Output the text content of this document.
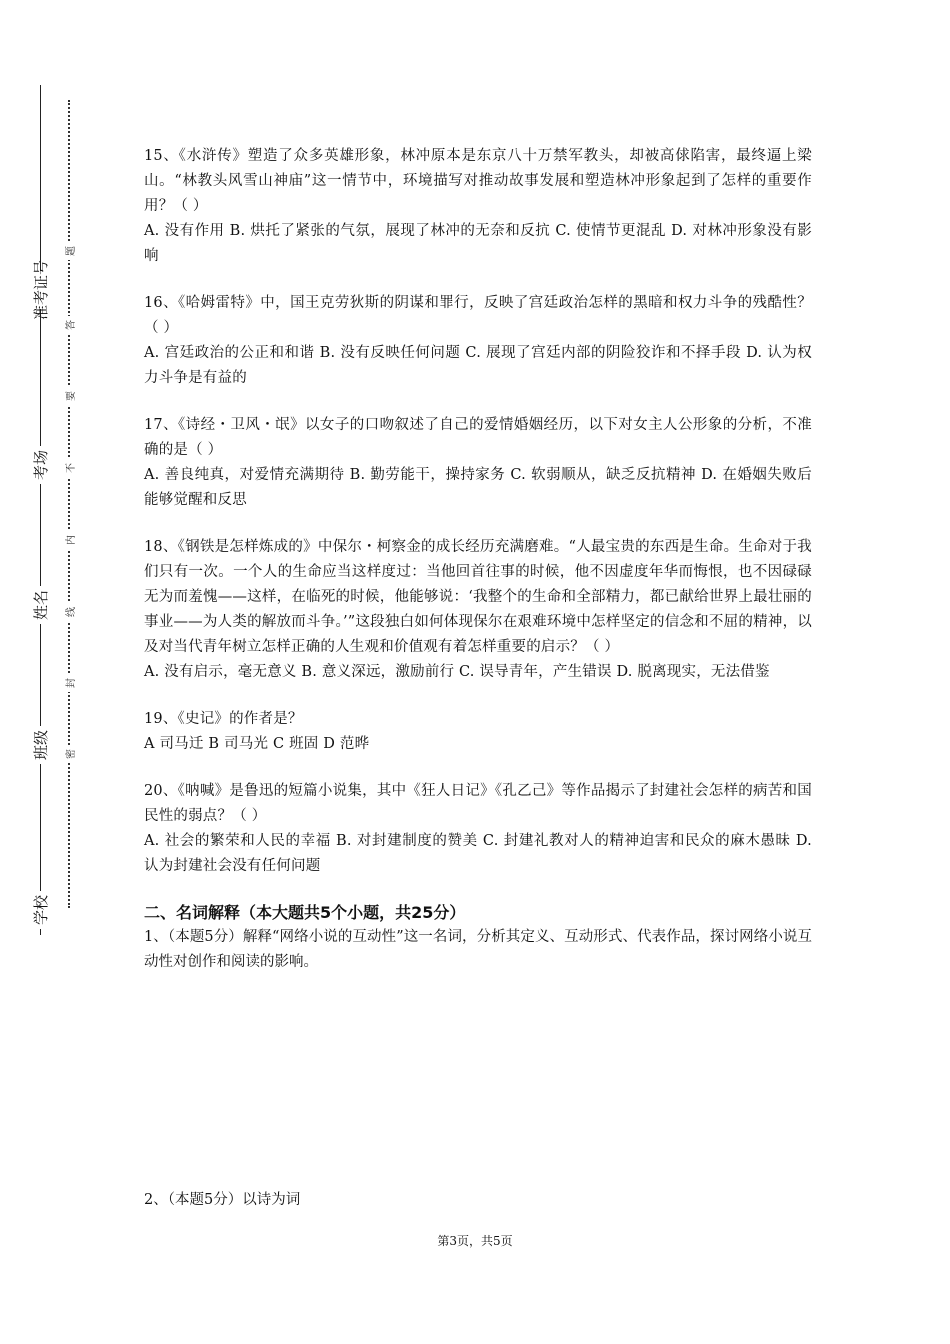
准考证号
考场
姓名
班级
学校
题
答
要
不
内
线
封
密

15、《水浒传》塑造了众多英雄形象，林冲原本是东京八十万禁军教头，却被高俅陷害，最终逼上梁山。“林教头风雪山神庙”这一情节中，环境描写对推动故事发展和塑造林冲形象起到了怎样的重要作用？（ ）

A. 没有作用 B. 烘托了紧张的气氛，展现了林冲的无奈和反抗 C. 使情节更混乱 D. 对林冲形象没有影响

16、《哈姆雷特》中，国王克劳狄斯的阴谋和罪行，反映了宫廷政治怎样的黑暗和权力斗争的残酷性？（ ）

A. 宫廷政治的公正和和谐 B. 没有反映任何问题 C. 展现了宫廷内部的阴险狡诈和不择手段 D. 认为权力斗争是有益的

17、《诗经・卫风・氓》以女子的口吻叙述了自己的爱情婚姻经历，以下对女主人公形象的分析，不准确的是（ ）

A. 善良纯真，对爱情充满期待 B. 勤劳能干，操持家务 C. 软弱顺从，缺乏反抗精神 D. 在婚姻失败后能够觉醒和反思

18、《钢铁是怎样炼成的》中保尔・柯察金的成长经历充满磨难。“人最宝贵的东西是生命。生命对于我们只有一次。一个人的生命应当这样度过：当他回首往事的时候，他不因虚度年华而悔恨，也不因碌碌无为而羞愧——这样，在临死的时候，他能够说：‘我整个的生命和全部精力，都已献给世界上最壮丽的事业——为人类的解放而斗争。’”这段独白如何体现保尔在艰难环境中怎样坚定的信念和不屈的精神，以及对当代青年树立怎样正确的人生观和价值观有着怎样重要的启示？（ ）

A. 没有启示，毫无意义 B. 意义深远，激励前行 C. 误导青年，产生错误 D. 脱离现实，无法借鉴

19、《史记》的作者是？

A 司马迁 B 司马光 C 班固 D 范晔

20、《呐喊》是鲁迅的短篇小说集，其中《狂人日记》《孔乙己》等作品揭示了封建社会怎样的病苦和国民性的弱点？（ ）

A. 社会的繁荣和人民的幸福 B. 对封建制度的赞美 C. 封建礼教对人的精神迫害和民众的麻木愚昧 D. 认为封建社会没有任何问题

二、名词解释（本大题共5个小题，共25分）

1、（本题5分）解释“网络小说的互动性”这一名词，分析其定义、互动形式、代表作品，探讨网络小说互动性对创作和阅读的影响。

2、（本题5分）以诗为词

第3页，共5页
